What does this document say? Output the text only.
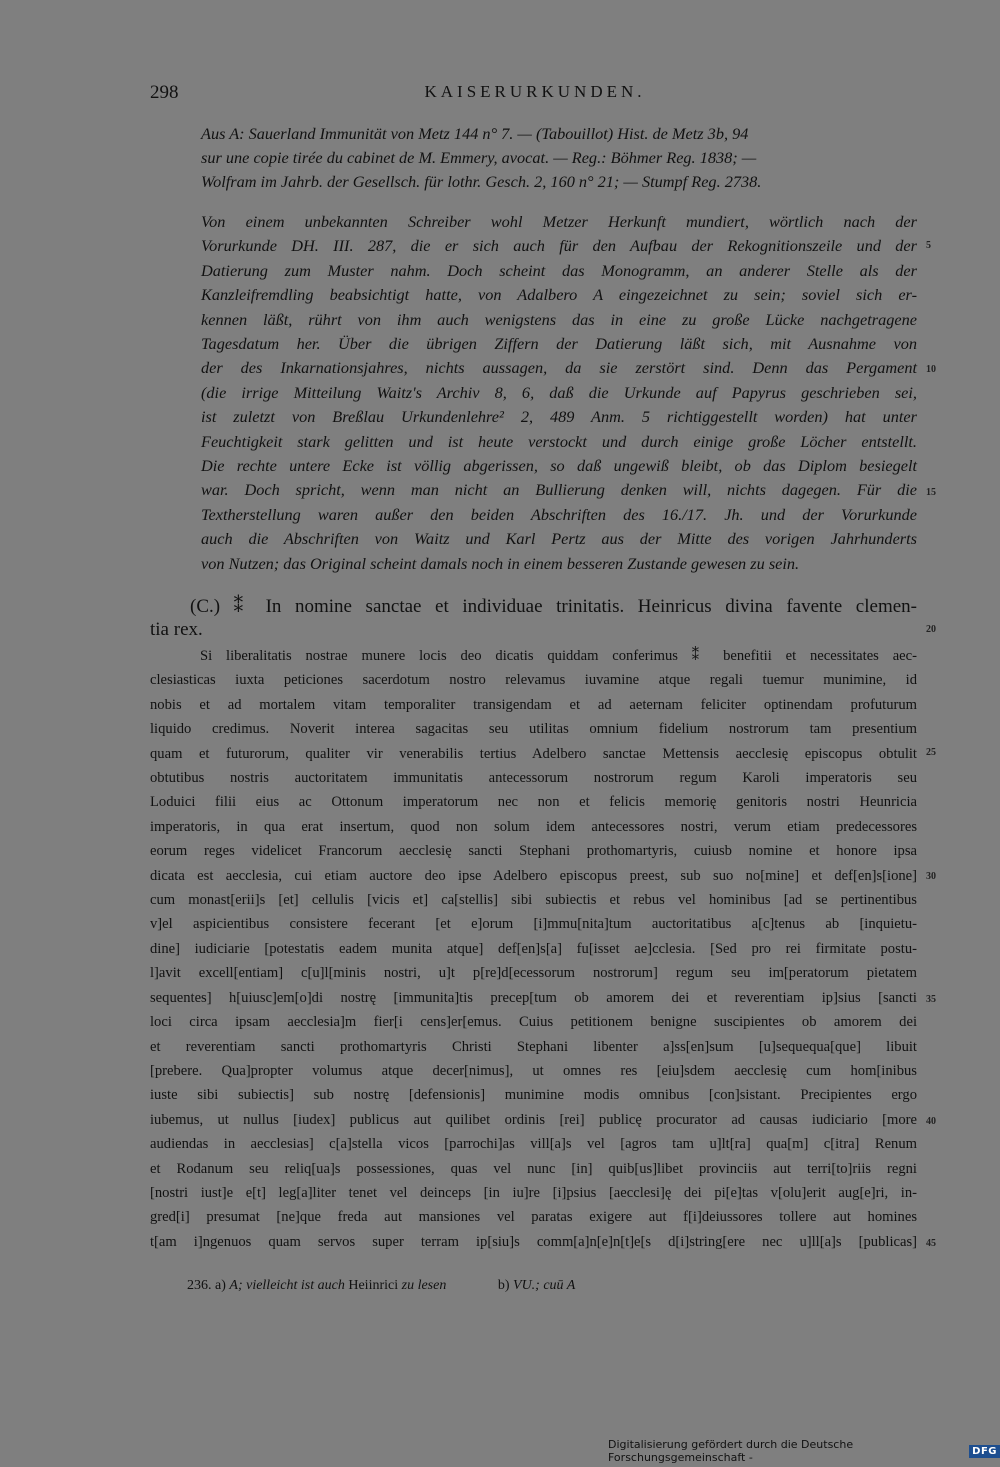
298	KAISERURKUNDEN.
Aus A: Sauerland Immunität von Metz 144 n° 7. — (Tabouillot) Hist. de Metz 3b, 94
sur une copie tirée du cabinet de M. Emmery, avocat. — Reg.: Böhmer Reg. 1838; —
Wolfram im Jahrb. der Gesellsch. für lothr. Gesch. 2, 160 n° 21; — Stumpf Reg. 2738.
Von einem unbekannten Schreiber wohl Metzer Herkunft mundiert, wörtlich nach der
Vorurkunde DH. III. 287, die er sich auch für den Aufbau der Rekognitionszeile und der
Datierung zum Muster nahm. Doch scheint das Monogramm, an anderer Stelle als der
Kanzleifremdling beabsichtigt hatte, von Adalbero A eingezeichnet zu sein; soviel sich er-
kennen läßt, rührt von ihm auch wenigstens das in eine zu große Lücke nachgetragene
Tagesdatum her. Über die übrigen Ziffern der Datierung läßt sich, mit Ausnahme von
der des Inkarnationsjahres, nichts aussagen, da sie zerstört sind. Denn das Pergament
(die irrige Mitteilung Waitz's Archiv 8, 6, daß die Urkunde auf Papyrus geschrieben sei,
ist zuletzt von Breßlau Urkundenlehre² 2, 489 Anm. 5 richtiggestellt worden) hat unter
Feuchtigkeit stark gelitten und ist heute verstockt und durch einige große Löcher entstellt.
Die rechte untere Ecke ist völlig abgerissen, so daß ungewiß bleibt, ob das Diplom besiegelt
war. Doch spricht, wenn man nicht an Bullierung denken will, nichts dagegen. Für die
Textherstellung waren außer den beiden Abschriften des 16./17. Jh. und der Vorurkunde
auch die Abschriften von Waitz und Karl Pertz aus der Mitte des vorigen Jahrhunderts
von Nutzen; das Original scheint damals noch in einem besseren Zustande gewesen zu sein.
(C.) ⁑ In nomine sanctae et individuae trinitatis. Heinricus divina favente clemen-
tia rex.
Si liberalitatis nostrae munere locis deo dicatis quiddam conferimus ⁑ benefitii et necessitates aec-
clesiasticas iuxta peticiones sacerdotum nostro relevamus iuvamine atque regali tuemur munimine, id
nobis et ad mortalem vitam temporaliter transigendam et ad aeternam feliciter optinendam profuturum
liquido credimus. Noverit interea sagacitas seu utilitas omnium fidelium nostrorum tam presentium
quam et futurorum, qualiter vir venerabilis tertius Adelbero sanctae Mettensis aecclesię episcopus obtulit
obtutibus nostris auctoritatem immunitatis antecessorum nostrorum regum Karoli imperatoris seu
Loduici filii eius ac Ottonum imperatorum nec non et felicis memorię genitoris nostri Heunricia
imperatoris, in qua erat insertum, quod non solum idem antecessores nostri, verum etiam predecessores
eorum reges videlicet Francorum aecclesię sancti Stephani prothomartyris, cuiusb nomine et honore ipsa
dicata est aecclesia, cui etiam auctore deo ipse Adelbero episcopus preest, sub suo no[mine] et def[en]s[ione]
cum monast[erii]s [et] cellulis [vicis et] ca[stellis] sibi subiectis et rebus vel hominibus [ad se pertinentibus
v]el aspicientibus consistere fecerant [et e]orum [i]mmu[nita]tum auctoritatibus a[c]tenus ab [inquietu-
dine] iudiciarie [potestatis eadem munita atque] def[en]s[a] fu[isset ae]cclesia. [Sed pro rei firmitate postu-
l]avit excell[entiam] c[u]l[minis nostri, u]t p[re]d[ecessorum nostrorum] regum seu im[peratorum pietatem
sequentes] h[uiusc]em[o]di nostrę [immunita]tis precep[tum ob amorem dei et reverentiam ip]sius [sancti
loci circa ipsam aecclesia]m fier[i cens]er[emus. Cuius petitionem benigne suscipientes ob amorem dei
et reverentiam sancti prothomartyris Christi Stephani libenter a]ss[en]sum [u]sequequa[que] libuit
[prebere. Qua]propter volumus atque decer[nimus], ut omnes res [eiu]sdem aecclesię cum hom[inibus
iuste sibi subiectis] sub nostrę [defensionis] munimine modis omnibus [con]sistant. Precipientes ergo
iubemus, ut nullus [iudex] publicus aut quilibet ordinis [rei] publicę procurator ad causas iudiciario [more
audiendas in aecclesias] c[a]stella vicos [parrochi]as vill[a]s vel [agros tam u]lt[ra] qua[m] c[itra] Renum
et Rodanum seu reliq[ua]s possessiones, quas vel nunc [in] quib[us]libet provinciis aut terri[to]riis regni
[nostri iust]e e[t] leg[a]liter tenet vel deinceps [in iu]re [i]psius [aecclesi]ę dei pi[e]tas v[olu]erit aug[e]ri, in-
gred[i] presumat [ne]que freda aut mansiones vel paratas exigere aut f[i]deiussores tollere aut homines
t[am i]ngenuos quam servos super terram ip[siu]s comm[a]n[e]n[t]e[s d[i]string[ere nec u]ll[a]s [publicas]
5
10
15
20
25
30
35
40
45
236. a) A; vielleicht ist auch Heiinrici zu lesen	b) VU.; cuū A
Digitalisierung gefördert durch die Deutsche Forschungsgemeinschaft -	DFG
